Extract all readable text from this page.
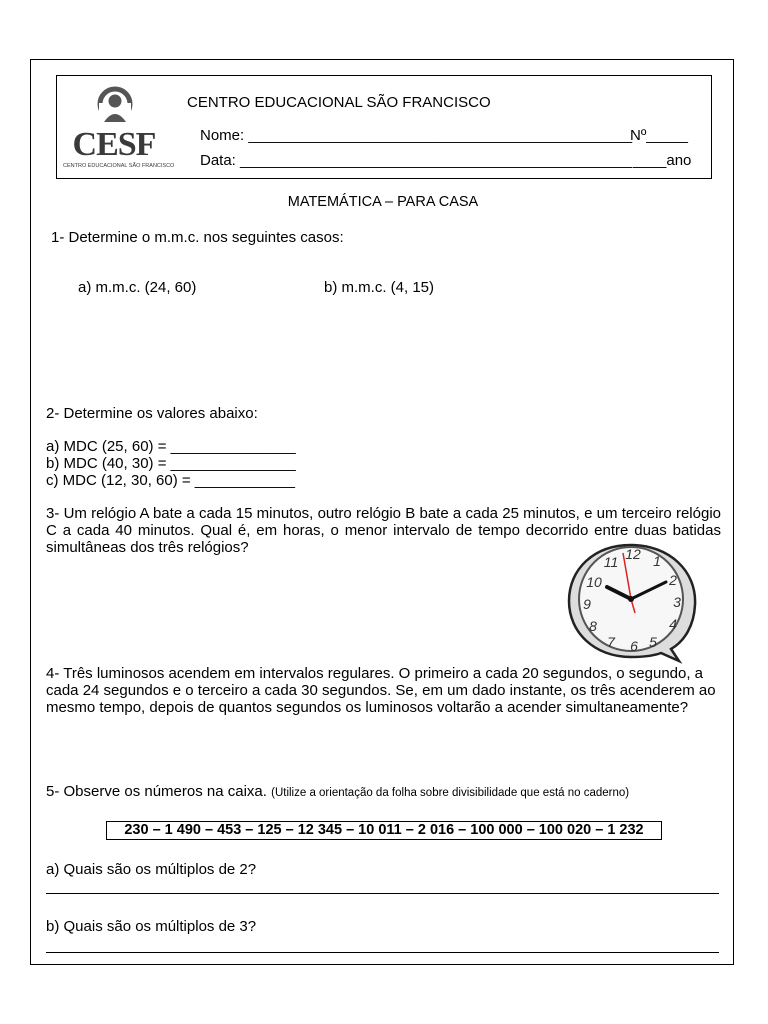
CESF
CENTRO EDUCACIONAL SÃO FRANCISCO
CENTRO EDUCACIONAL SÃO FRANCISCO
Nome: ______________________________________________
Nº_____
Data: _______________________________________________ ____ano
MATEMÁTICA – PARA CASA
1- Determine o m.m.c. nos seguintes casos:
a) m.m.c. (24, 60)	b) m.m.c. (4, 15)
2- Determine os valores abaixo:
a) MDC (25, 60) = _______________
b) MDC (40, 30) = _______________
c) MDC (12, 30, 60) = ____________
3- Um relógio A bate a cada 15 minutos, outro relógio B bate a cada 25 minutos, e um terceiro relógio C a cada 40 minutos. Qual é, em horas, o menor intervalo de tempo decorrido entre duas batidas simultâneas dos três relógios?	12 1
2
3
4
5
6
7
8
9
10
11
4- Três luminosos acendem em intervalos regulares. O primeiro a cada 20 segundos, o segundo, a cada 24 segundos e o terceiro a cada 30 segundos. Se, em um dado instante, os três acenderem ao mesmo tempo, depois de quantos segundos os luminosos voltarão a acender simultaneamente?
5- Observe os números na caixa. (Utilize a orientação da folha sobre divisibilidade que está no caderno)
230 – 1 490 – 453 – 125 – 12 345 – 10 011 – 2 016 – 100 000 – 100 020 – 1 232
a) Quais são os múltiplos de 2?
b) Quais são os múltiplos de 3?
